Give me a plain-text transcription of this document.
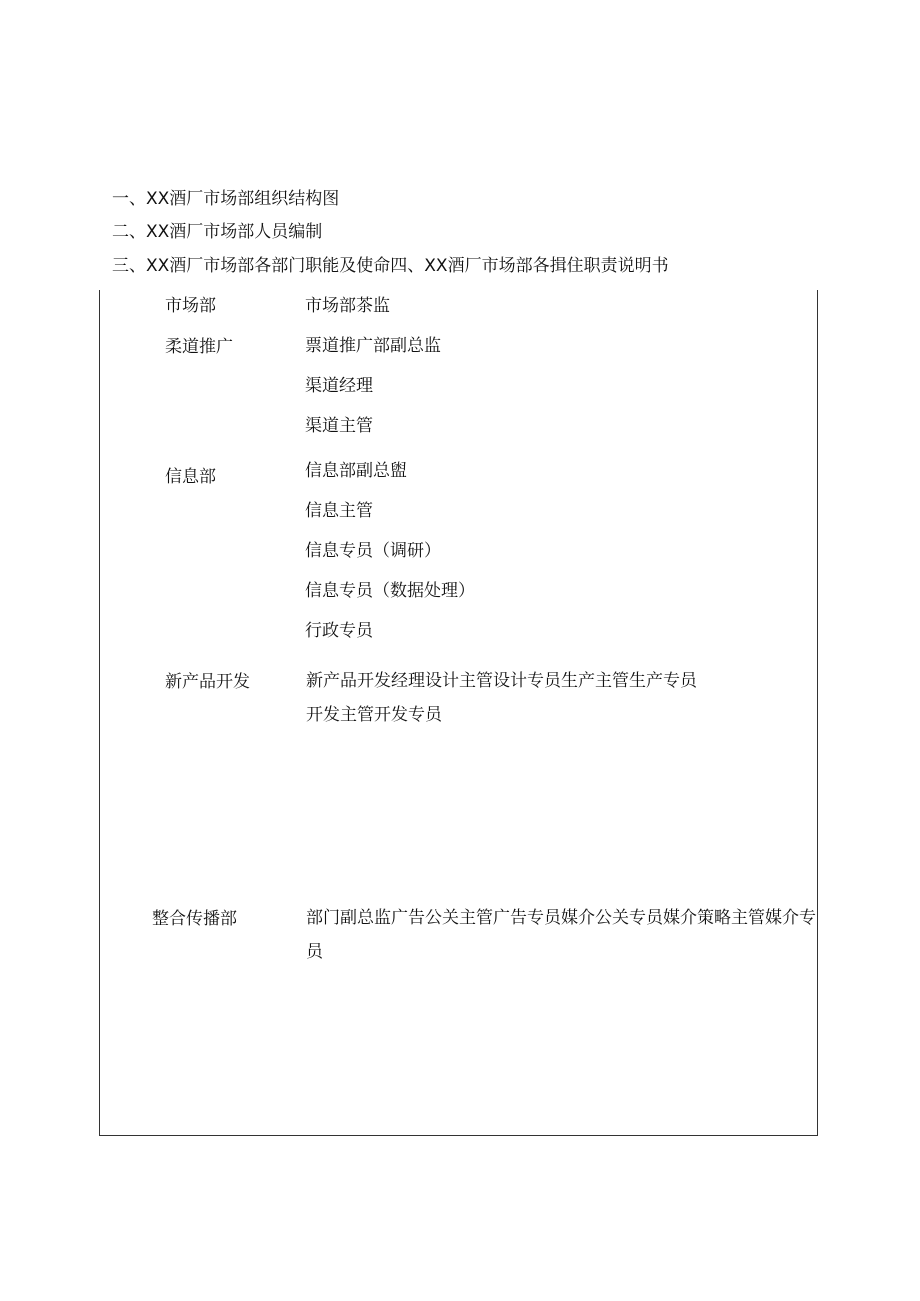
一、XX酒厂市场部组织结构图
二、XX酒厂市场部人员编制
三、XX酒厂市场部各部门职能及使命四、XX酒厂市场部各揖住职责说明书
市场部	市场部茶监
柔道推广	票道推广部副总监
渠道经理
渠道主管
信息部	信息部副总盥
信息主管
信息专员（调研）
信息专员（数据处理）
行政专员
新产品开发	新产品开发经理设计主管设计专员生产主管生产专员
开发主管开发专员
整合传播部	部门副总监广告公关主管广告专员媒介公关专员媒介策略主管媒介专员
